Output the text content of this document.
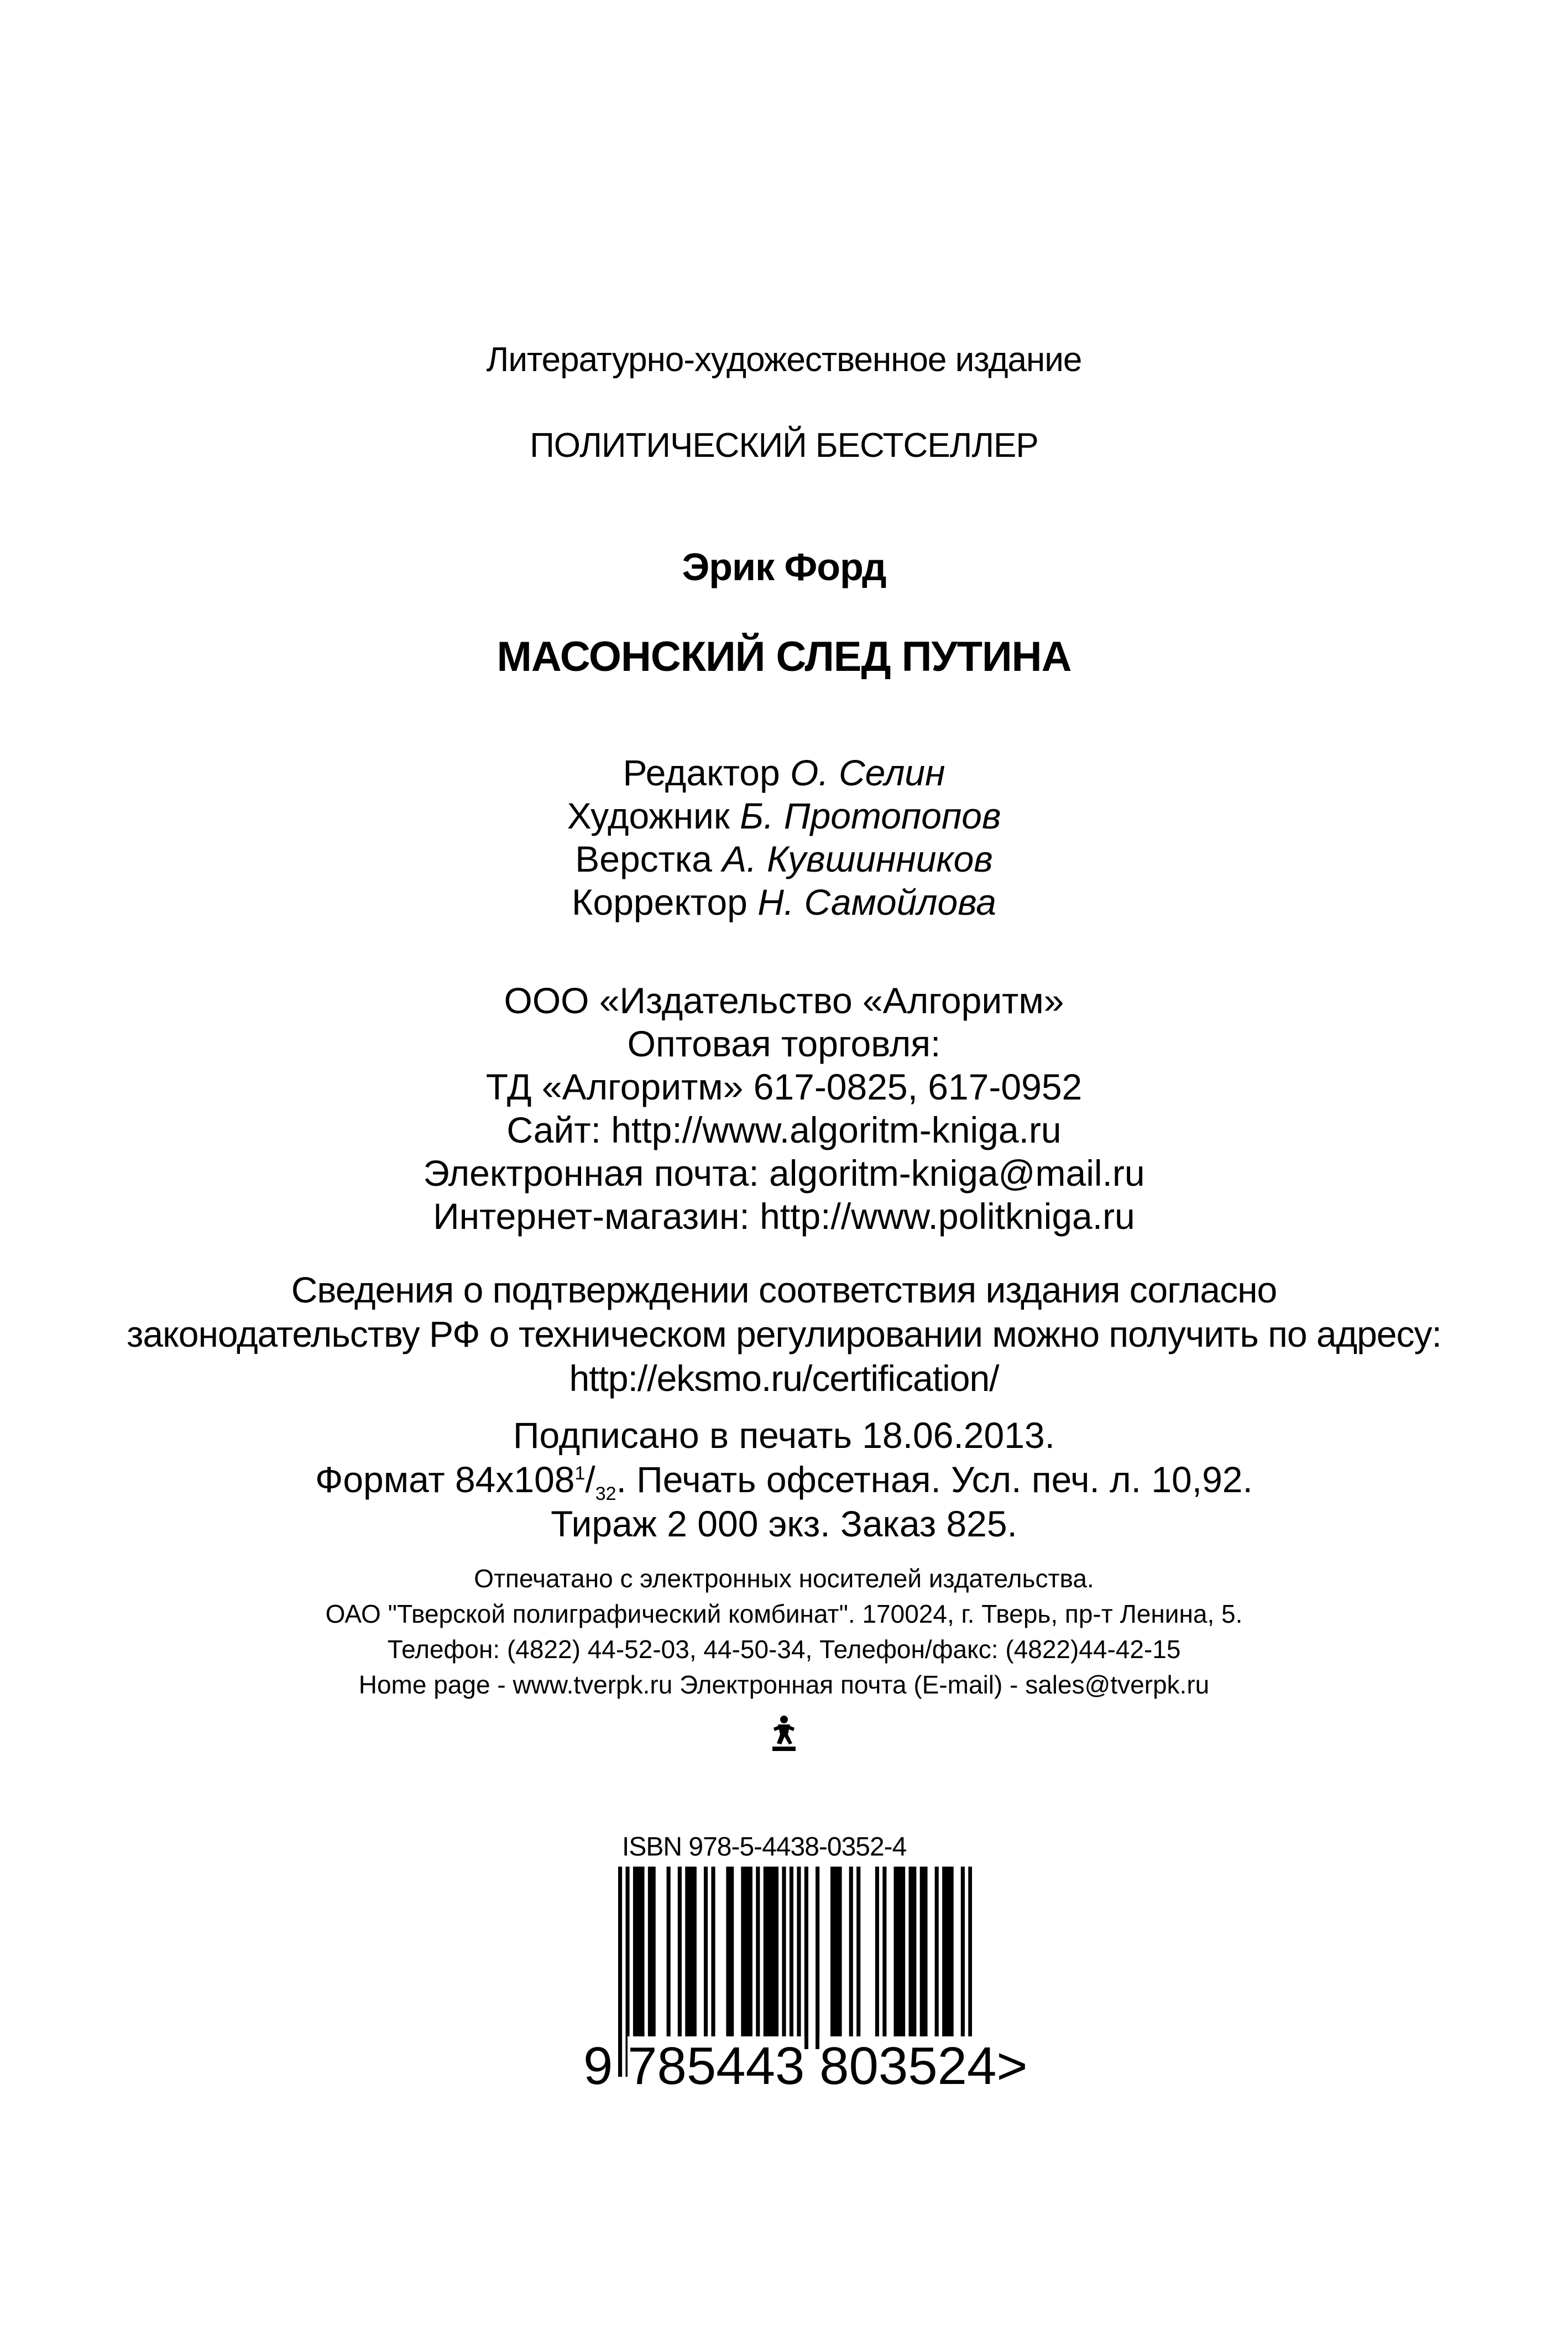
Литературно-художественное издание
ПОЛИТИЧЕСКИЙ БЕСТСЕЛЛЕР
Эрик Форд
МАСОНСКИЙ СЛЕД ПУТИНА
Редактор О. Селин
Художник Б. Протопопов
Верстка А. Кувшинников
Корректор Н. Самойлова
ООО «Издательство «Алгоритм»
Оптовая торговля:
ТД «Алгоритм» 617-0825, 617-0952
Сайт: http://www.algoritm-kniga.ru
Электронная почта: algoritm-kniga@mail.ru
Интернет-магазин: http://www.politkniga.ru
Сведения о подтверждении соответствия издания согласно
законодательству РФ о техническом регулировании можно получить по адресу:
http://eksmo.ru/certification/
Подписано в печать 18.06.2013.
Формат $84x108^1/_{32}$. Печать офсетная. Усл. печ. л. 10,92.
Тираж 2 000 экз. Заказ 825.
Отпечатано с электронных носителей издательства.
ОАО "Тверской полиграфический комбинат". 170024, г. Тверь, пр-т Ленина, 5.
Телефон: (4822) 44-52-03, 44-50-34, Телефон/факс: (4822)44-42-15
Home page - www.tverpk.ru Электронная почта (E-mail) - sales@tverpk.ru
ISBN 978-5-4438-0352-4
9 785443 803524>
